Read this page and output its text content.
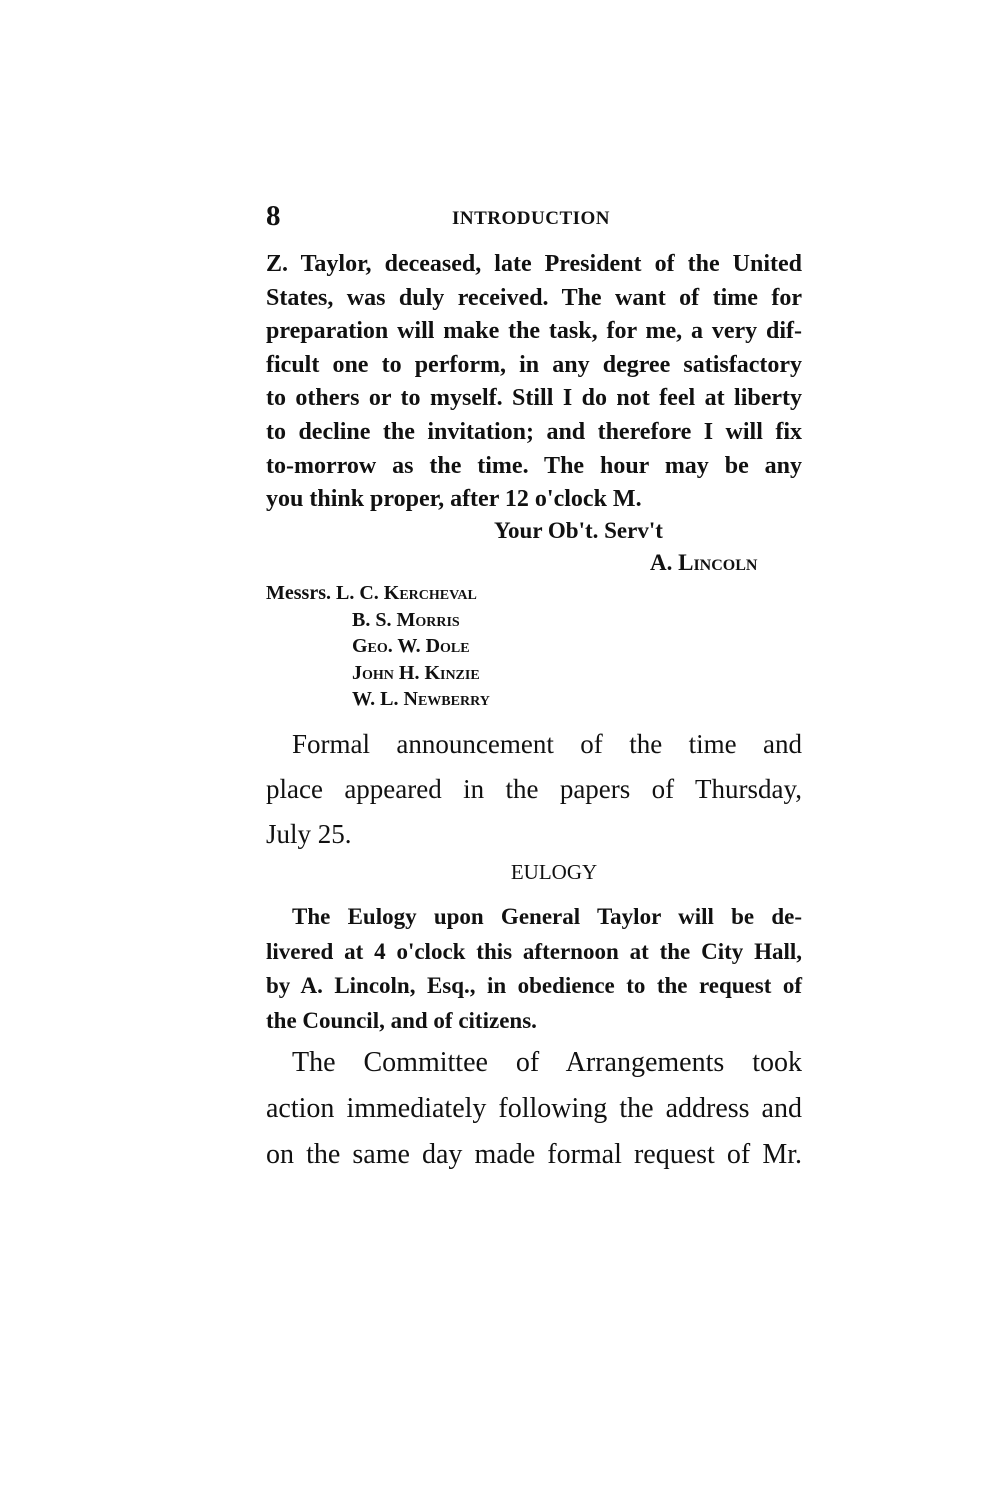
8	INTRODUCTION
Z. Taylor, deceased, late President of the United
States, was duly received. The want of time for
preparation will make the task, for me, a very dif-
ficult one to perform, in any degree satisfactory
to others or to myself. Still I do not feel at liberty
to decline the invitation; and therefore I will fix
to-morrow as the time. The hour may be any
you think proper, after 12 o'clock M.
Your Ob't. Serv't
A. Lincoln
Messrs. L. C. Kercheval
B. S. Morris
Geo. W. Dole
John H. Kinzie
W. L. Newberry
Formal announcement of the time and
place appeared in the papers of Thursday,
July 25.
EULOGY
The Eulogy upon General Taylor will be de-
livered at 4 o'clock this afternoon at the City Hall,
by A. Lincoln, Esq., in obedience to the request of
the Council, and of citizens.
The Committee of Arrangements took
action immediately following the address and
on the same day made formal request of Mr.
